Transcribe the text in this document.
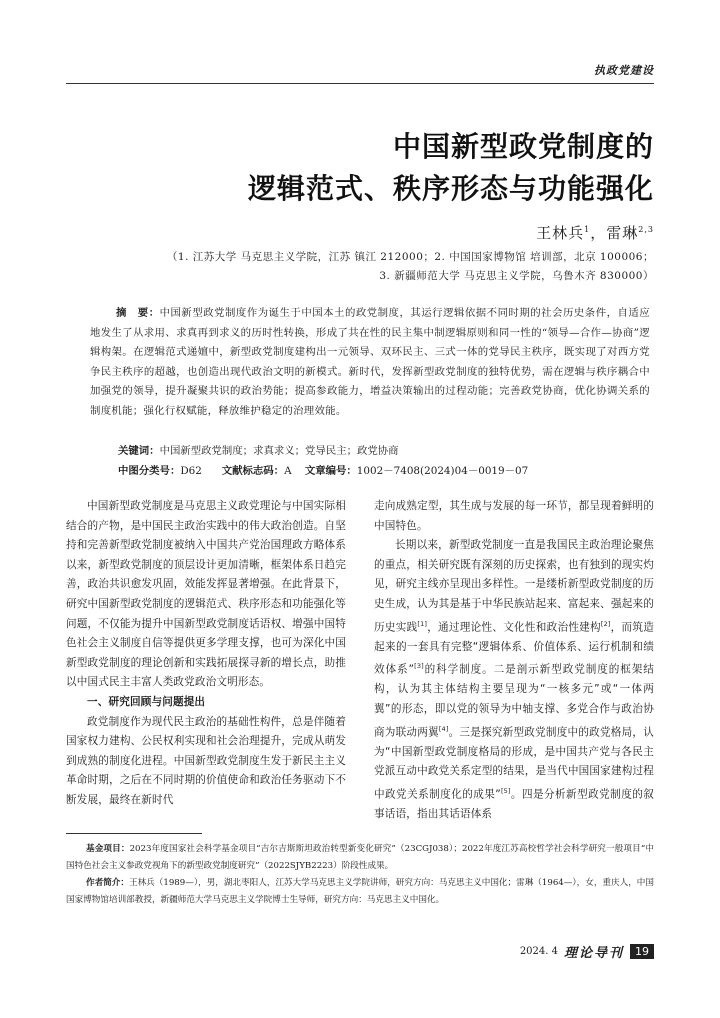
执政党建设
中国新型政党制度的
逻辑范式、秩序形态与功能强化
王林兵$^1$，雷琳$^{2,3}$
（1. 江苏大学 马克思主义学院，江苏 镇江 212000；2. 中国国家博物馆 培训部，北京 100006；
3. 新疆师范大学 马克思主义学院，乌鲁木齐 830000）
摘　要：中国新型政党制度作为诞生于中国本土的政党制度，其运行逻辑依据不同时期的社会历史条件，自适应地发生了从求用、求真再到求义的历时性转换，形成了共在性的民主集中制逻辑原则和同一性的“领导—合作—协商”逻辑构架。在逻辑范式递嬗中，新型政党制度建构出一元领导、双环民主、三式一体的党导民主秩序，既实现了对西方党争民主秩序的超越，也创造出现代政治文明的新模式。新时代，发挥新型政党制度的独特优势，需在逻辑与秩序耦合中加强党的领导，提升凝聚共识的政治势能；提高参政能力，增益决策输出的过程动能；完善政党协商，优化协调关系的制度机能；强化行权赋能，释放维护稳定的治理效能。
关键词：中国新型政党制度；求真求义；党导民主；政党协商
中图分类号：D62 文献标志码：A 文章编号：1002－7408(2024)04－0019－07

中国新型政党制度是马克思主义政党理论与中国实际相结合的产物，是中国民主政治实践中的伟大政治创造。自坚持和完善新型政党制度被纳入中国共产党治国理政方略体系以来，新型政党制度的顶层设计更加清晰，框架体系日趋完善，政治共识愈发巩固，效能发挥显著增强。在此背景下，研究中国新型政党制度的逻辑范式、秩序形态和功能强化等问题，不仅能为提升中国新型政党制度话语权、增强中国特色社会主义制度自信等提供更多学理支撑，也可为深化中国新型政党制度的理论创新和实践拓展探寻新的增长点，助推以中国式民主丰富人类政党政治文明形态。

一、研究回顾与问题提出

政党制度作为现代民主政治的基础性构件，总是伴随着国家权力建构、公民权利实现和社会治理提升，完成从萌发到成熟的制度化进程。中国新型政党制度生发于新民主主义革命时期，之后在不同时期的价值使命和政治任务驱动下不断发展，最终在新时代

走向成熟定型，其生成与发展的每一环节，都呈现着鲜明的中国特色。

长期以来，新型政党制度一直是我国民主政治理论聚焦的重点，相关研究既有深刻的历史探索，也有独到的现实灼见，研究主线亦呈现出多样性。一是缕析新型政党制度的历史生成，认为其是基于中华民族站起来、富起来、强起来的历史实践[1]，通过理论性、文化性和政治性建构[2]，而筑造起来的一套具有完整“逻辑体系、价值体系、运行机制和绩效体系”[3]的科学制度。二是剖示新型政党制度的框架结构，认为其主体结构主要呈现为“一核多元”或“一体两翼”的形态，即以党的领导为中轴支撑、多党合作与政治协商为联动两翼[4]。三是探究新型政党制度中的政党格局，认为“中国新型政党制度格局的形成，是中国共产党与各民主党派互动中政党关系定型的结果，是当代中国国家建构过程中政党关系制度化的成果”[5]。四是分析新型政党制度的叙事话语，指出其话语体系

基金项目：2023年度国家社会科学基金项目“吉尔吉斯斯坦政治转型新变化研究”（23CGJ038）；2022年度江苏高校哲学社会科学研究一般项目“中国特色社会主义参政党视角下的新型政党制度研究”（2022SJYB2223）阶段性成果。

作者简介：王林兵（1989—），男，湖北枣阳人，江苏大学马克思主义学院讲师，研究方向：马克思主义中国化；雷琳（1964—），女，重庆人，中国国家博物馆培训部教授，新疆师范大学马克思主义学院博士生导师，研究方向：马克思主义中国化。

2024. 4 理论导刊	19
